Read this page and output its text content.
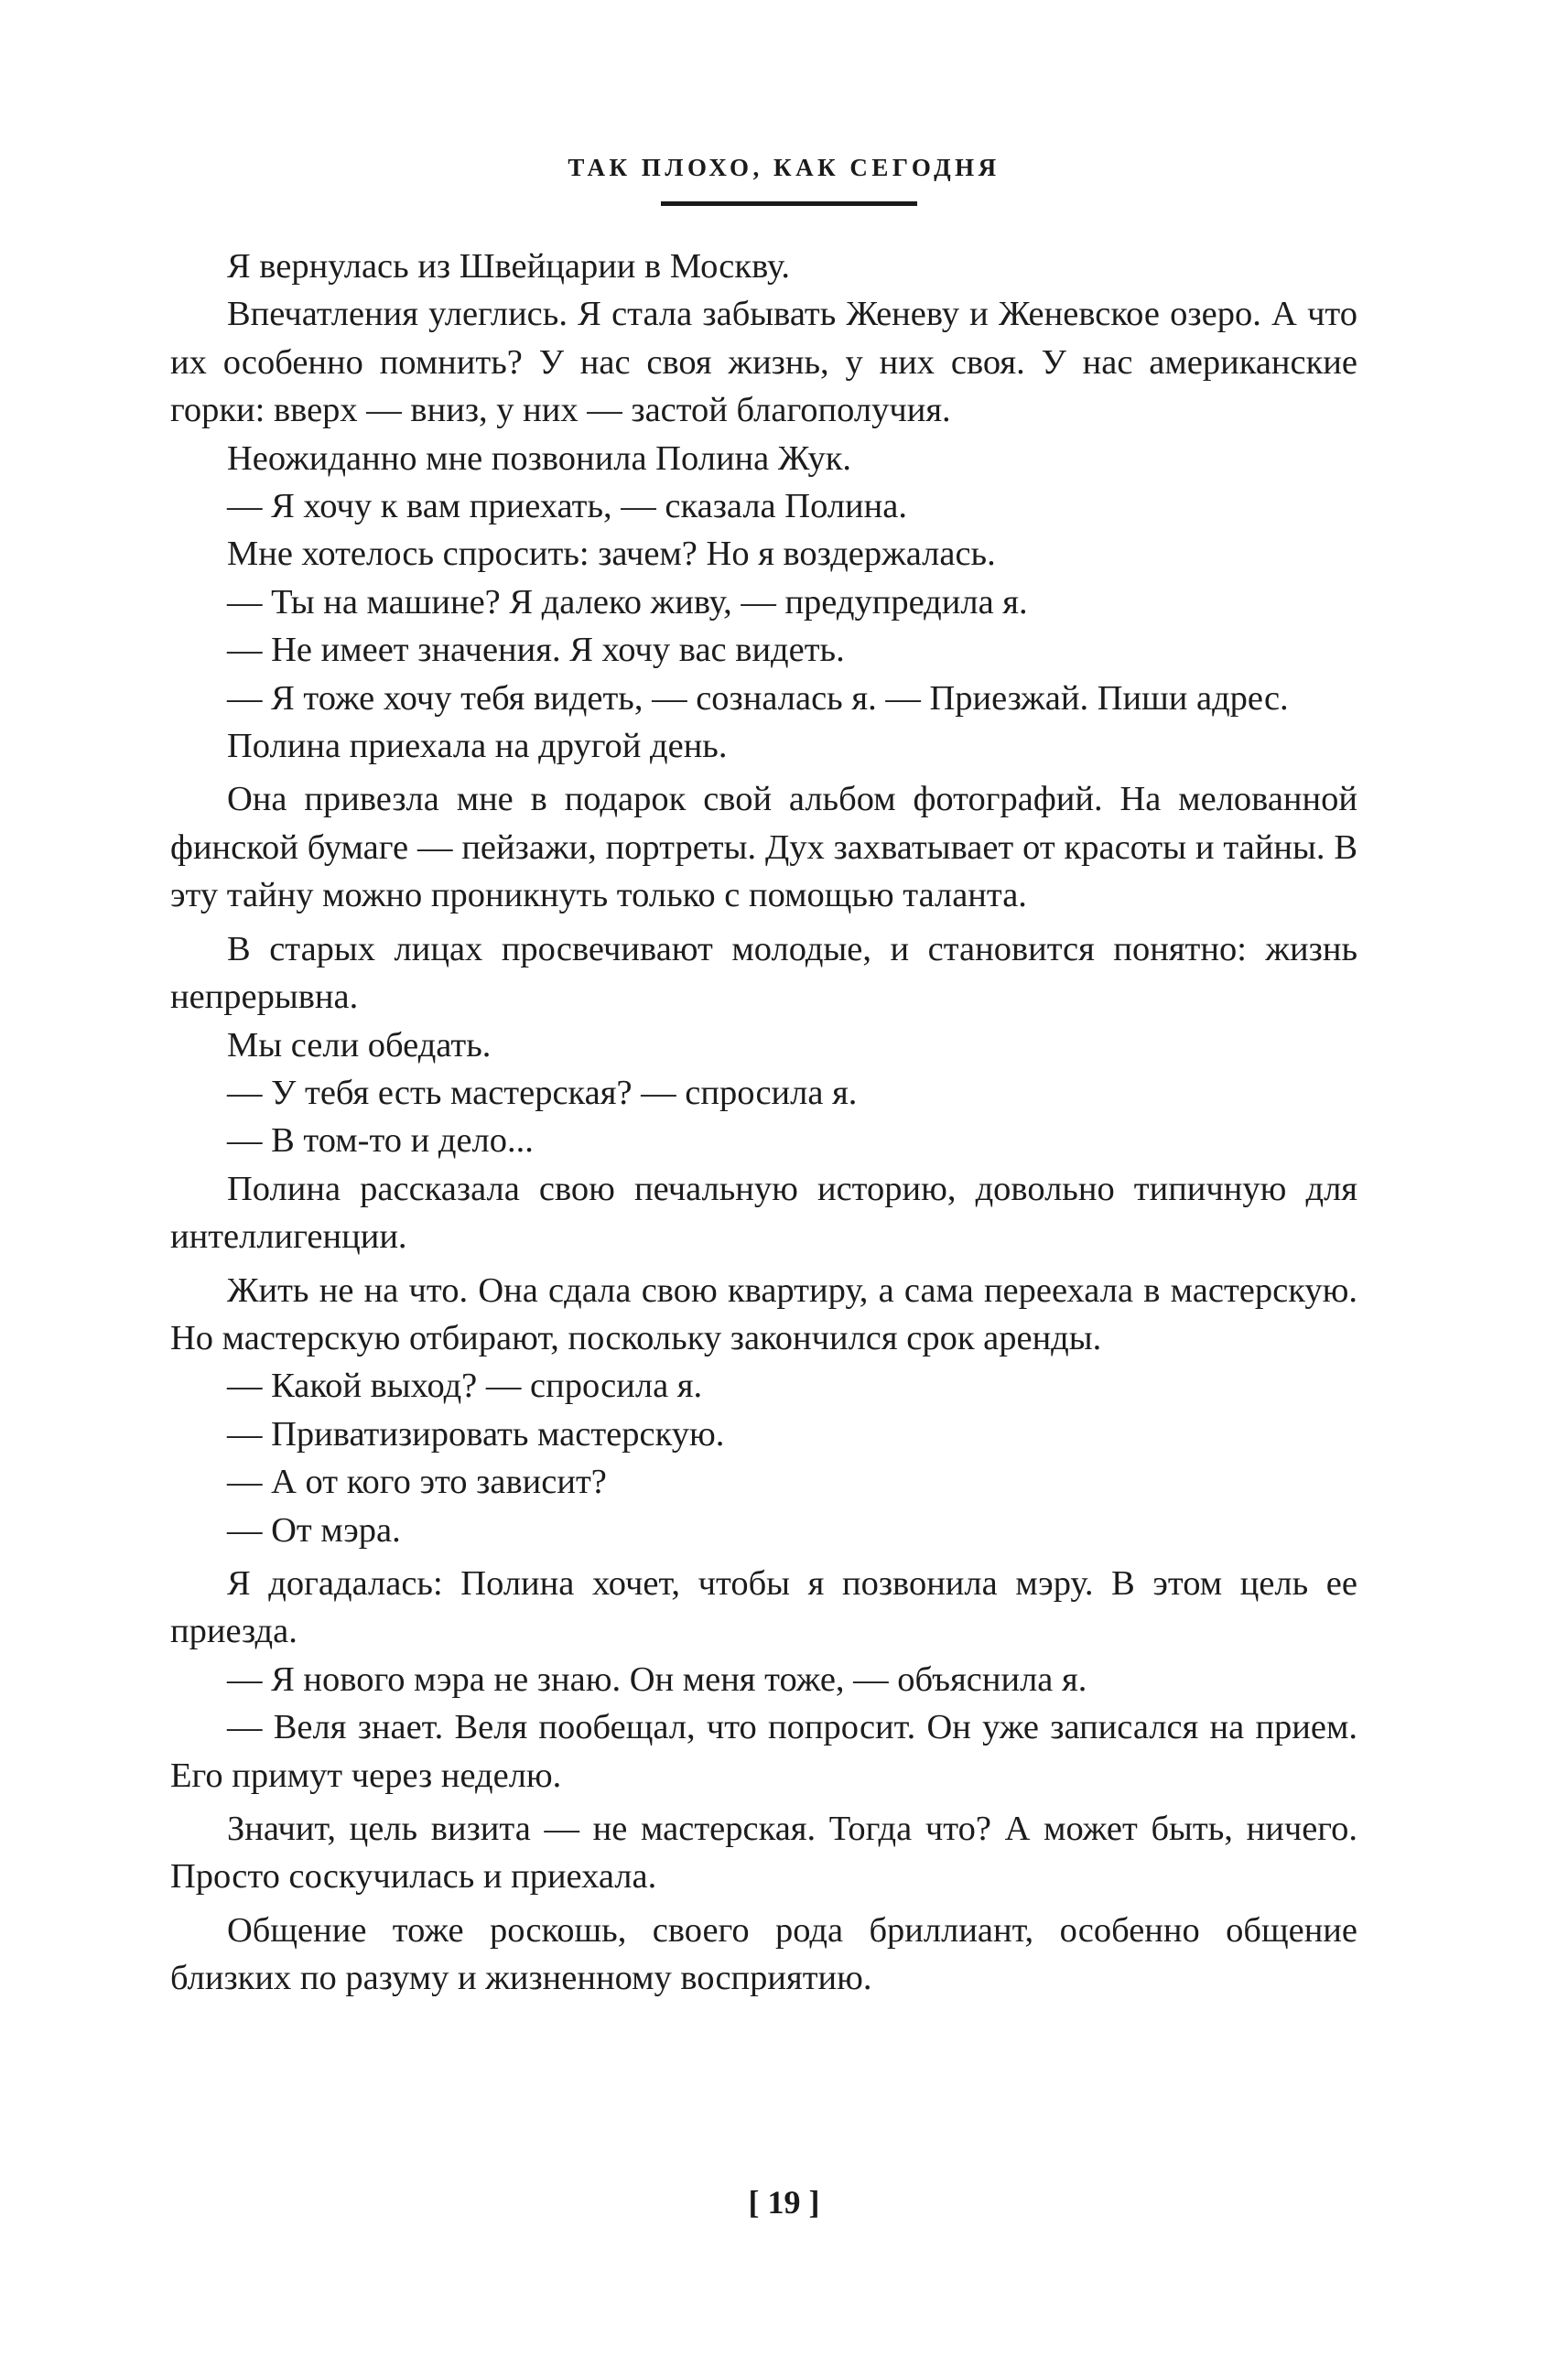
ТАК ПЛОХО, КАК СЕГОДНЯ

Я вернулась из Швейцарии в Москву.

Впечатления улеглись. Я стала забывать Женеву и Женевское озеро. А что их особенно помнить? У нас своя жизнь, у них своя. У нас американские горки: вверх — вниз, у них — застой благополучия.

Неожиданно мне позвонила Полина Жук.

— Я хочу к вам приехать, — сказала Полина.

Мне хотелось спросить: зачем? Но я воздержалась.

— Ты на машине? Я далеко живу, — предупредила я.

— Не имеет значения. Я хочу вас видеть.

— Я тоже хочу тебя видеть, — созналась я. — Приезжай. Пиши адрес.

Полина приехала на другой день.

Она привезла мне в подарок свой альбом фотографий. На мелованной финской бумаге — пейзажи, портреты. Дух захватывает от красоты и тайны. В эту тайну можно проникнуть только с помощью таланта.

В старых лицах просвечивают молодые, и становится понятно: жизнь непрерывна.

Мы сели обедать.

— У тебя есть мастерская? — спросила я.

— В том-то и дело...

Полина рассказала свою печальную историю, довольно типичную для интеллигенции.

Жить не на что. Она сдала свою квартиру, а сама переехала в мастерскую. Но мастерскую отбирают, поскольку закончился срок аренды.

— Какой выход? — спросила я.

— Приватизировать мастерскую.

— А от кого это зависит?

— От мэра.

Я догадалась: Полина хочет, чтобы я позвонила мэру. В этом цель ее приезда.

— Я нового мэра не знаю. Он меня тоже, — объяснила я.

— Веля знает. Веля пообещал, что попросит. Он уже записался на прием. Его примут через неделю.

Значит, цель визита — не мастерская. Тогда что? А может быть, ничего. Просто соскучилась и приехала.

Общение тоже роскошь, своего рода бриллиант, особенно общение близких по разуму и жизненному восприятию.

[ 19 ]
